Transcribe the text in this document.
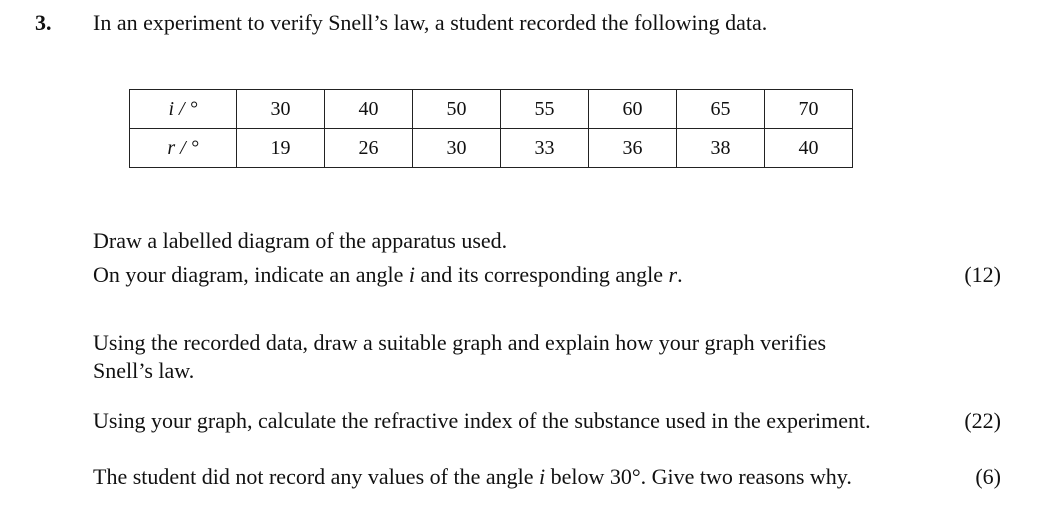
3. In an experiment to verify Snell’s law, a student recorded the following data.
i / °	30	40	50	55	60	65	70
r / °	19	26	30	33	36	38	40
Draw a labelled diagram of the apparatus used.
On your diagram, indicate an angle i and its corresponding angle r.	(12)
Using the recorded data, draw a suitable graph and explain how your graph verifies
Snell’s law.
Using your graph, calculate the refractive index of the substance used in the experiment.	(22)
The student did not record any values of the angle i below 30°. Give two reasons why.	(6)
